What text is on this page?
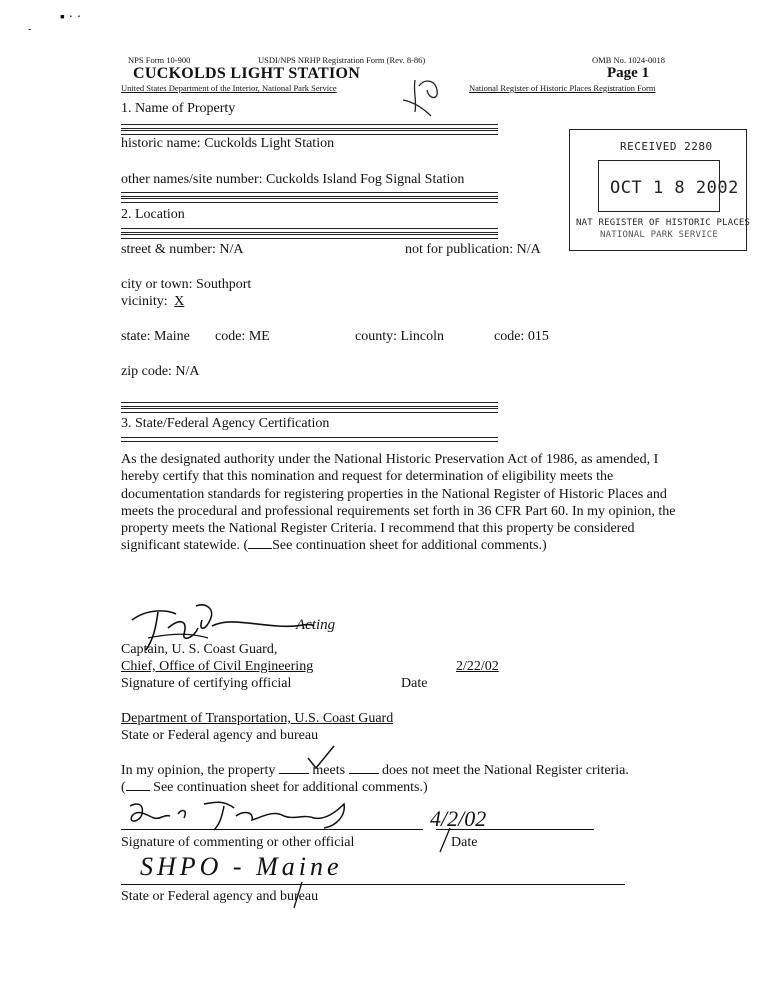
▪ · ·
-
NPS Form 10-900	USDI/NPS NRHP Registration Form (Rev. 8-86)	OMB No. 1024-0018
CUCKOLDS LIGHT STATION	Page 1
United States Department of the Interior, National Park Service	National Register of Historic Places Registration Form
1. Name of Property
historic name: Cuckolds Light Station
other names/site number: Cuckolds Island Fog Signal Station
2. Location
street & number: N/A	not for publication: N/A
city or town: Southport
vicinity: X
state: Maine code: ME	county: Lincoln	code: 015
zip code: N/A
3. State/Federal Agency Certification
As the designated authority under the National Historic Preservation Act of 1986, as amended, I hereby certify that this nomination and request for determination of eligibility meets the documentation standards for registering properties in the National Register of Historic Places and meets the procedural and professional requirements set forth in 36 CFR Part 60. In my opinion, the property meets the National Register Criteria. I recommend that this property be considered significant statewide. ( See continuation sheet for additional comments.)
Acting
Captain, U. S. Coast Guard,
Chief, Office of Civil Engineering	2/22/02
Signature of certifying official	Date
Department of Transportation, U.S. Coast Guard
State or Federal agency and bureau
In my opinion, the property  meets  does not meet the National Register criteria.
( See continuation sheet for additional comments.)
4/2/02
Signature of commenting or other official	Date
SHPO - Maine
State or Federal agency and bureau
RECEIVED 2280
OCT 1 8 2002
NAT REGISTER OF HISTORIC PLACES
NATIONAL PARK SERVICE
